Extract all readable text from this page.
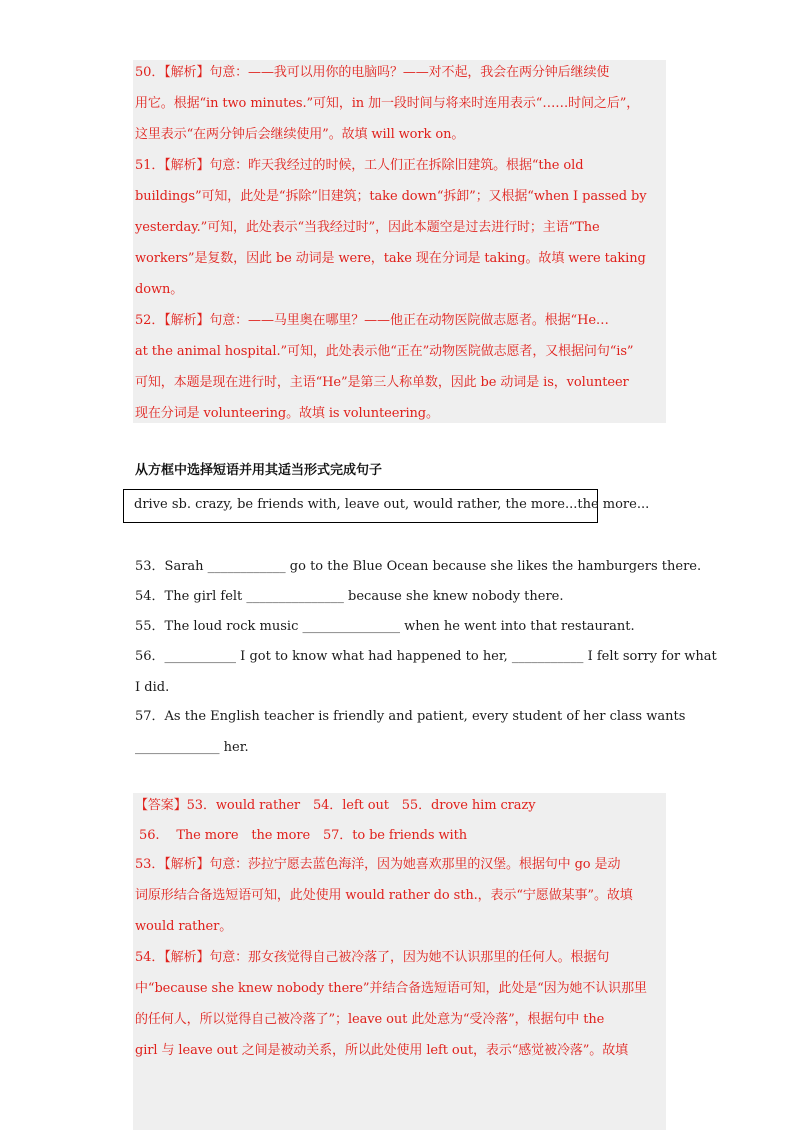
50．【解析】句意：——我可以用你的电脑吗？——对不起，我会在两分钟后继续使
用它。根据“in two minutes.”可知，in 加一段时间与将来时连用表示“……时间之后”，
这里表示“在两分钟后会继续使用”。故填 will work on。
51．【解析】句意：昨天我经过的时候，工人们正在拆除旧建筑。根据“the old
buildings”可知，此处是“拆除”旧建筑；take down“拆卸”；又根据“when I passed by
yesterday.”可知，此处表示“当我经过时”，因此本题空是过去进行时；主语“The
workers”是复数，因此 be 动词是 were，take 现在分词是 taking。故填 were taking
down。
52．【解析】句意：——马里奥在哪里？——他正在动物医院做志愿者。根据“He…
at the animal hospital.”可知，此处表示他“正在”动物医院做志愿者，又根据问句“is”
可知，本题是现在进行时，主语“He”是第三人称单数，因此 be 动词是 is，volunteer
现在分词是 volunteering。故填 is volunteering。
从方框中选择短语并用其适当形式完成句子
drive sb. crazy, be friends with, leave out, would rather, the more...the more...
53．Sarah ____________ go to the Blue Ocean because she likes the hamburgers there.
54．The girl felt _______________ because she knew nobody there.
55．The loud rock music _______________ when he went into that restaurant.
56．___________ I got to know what had happened to her, ___________ I felt sorry for what
I did.
57．As the English teacher is friendly and patient, every student of her class wants
_____________ her.
【答案】53．would rather　54．left out　55．drove him crazy
56.　 The more　the more　57．to be friends with
53．【解析】句意：莎拉宁愿去蓝色海洋，因为她喜欢那里的汉堡。根据句中 go 是动
词原形结合备选短语可知，此处使用 would rather do sth.，表示“宁愿做某事”。故填
would rather。
54．【解析】句意：那女孩觉得自己被冷落了，因为她不认识那里的任何人。根据句
中“because she knew nobody there”并结合备选短语可知，此处是“因为她不认识那里
的任何人，所以觉得自己被冷落了”；leave out 此处意为“受冷落”，根据句中 the
girl 与 leave out 之间是被动关系，所以此处使用 left out，表示“感觉被冷落”。故填
